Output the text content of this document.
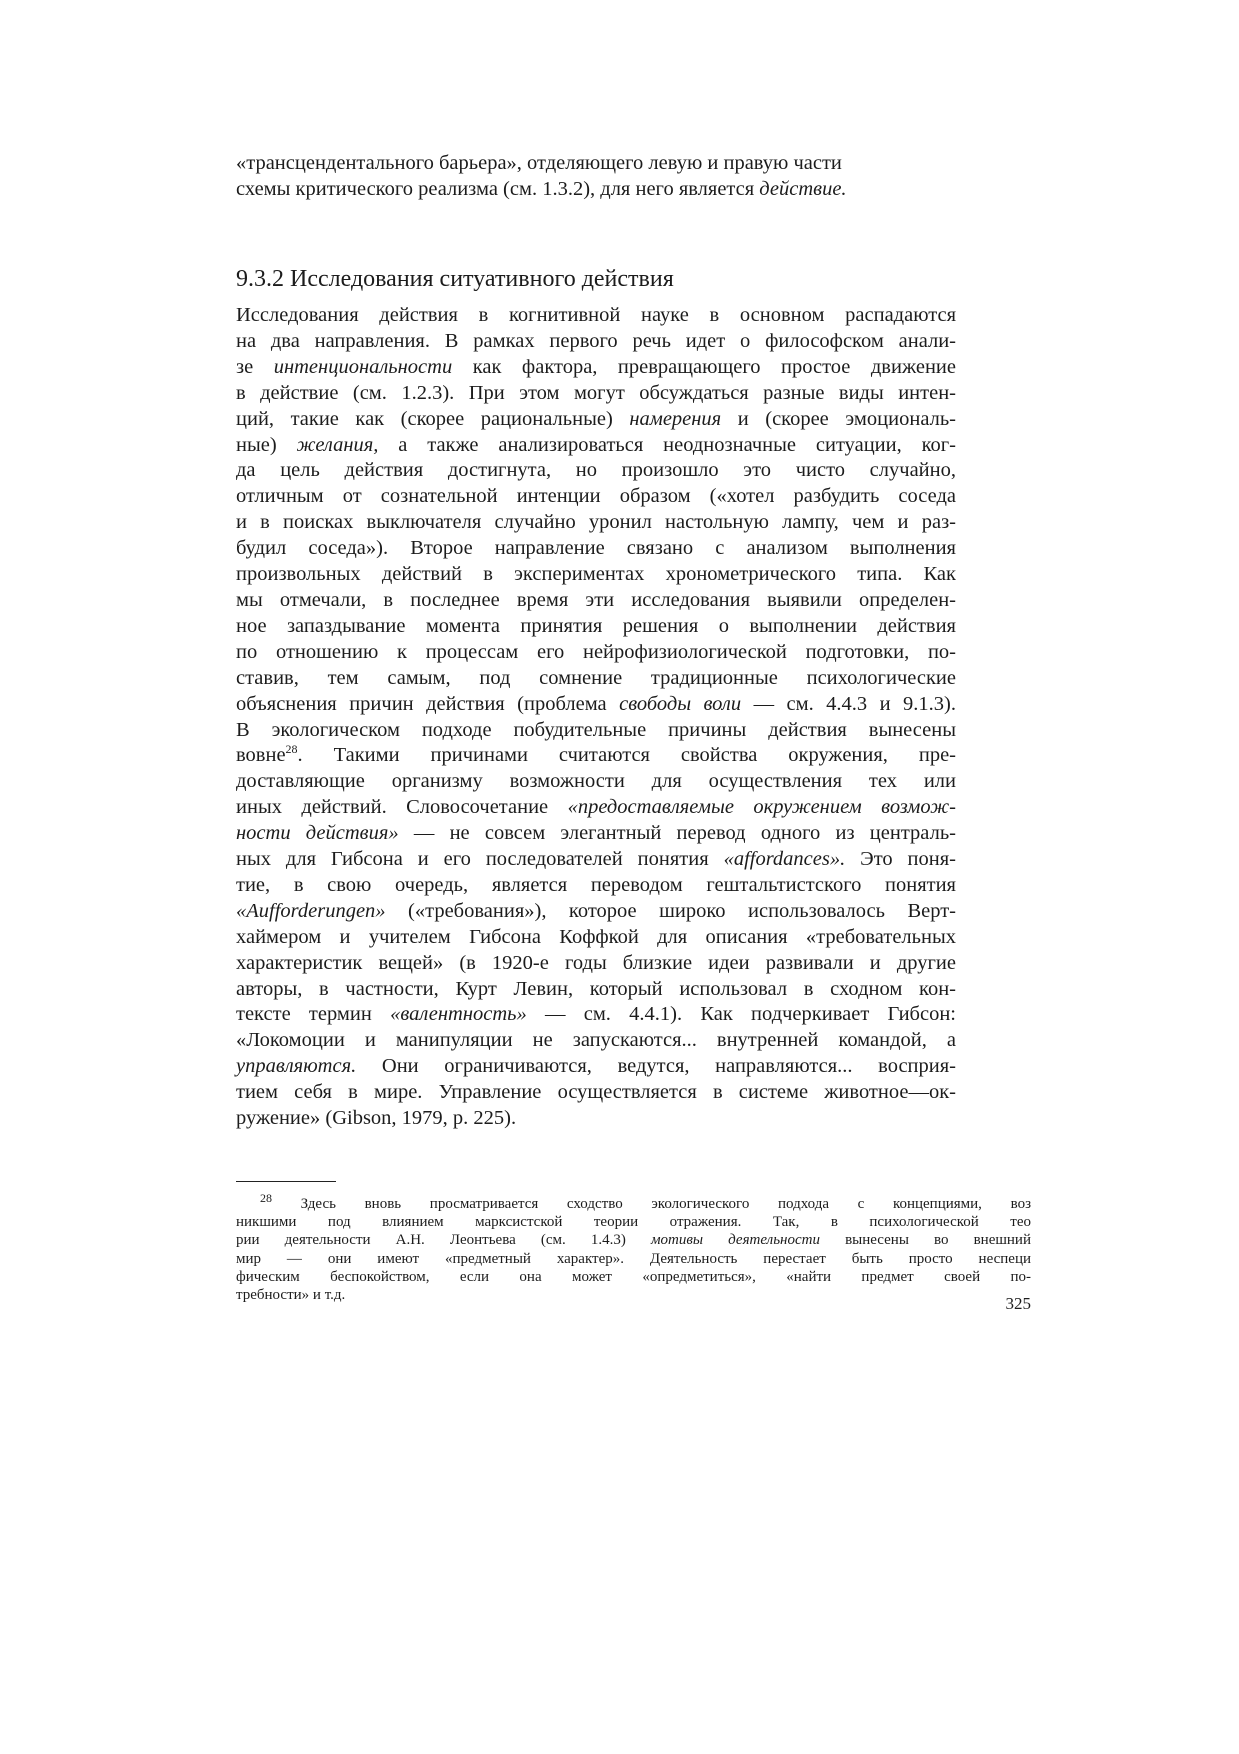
«трансцендентального барьера», отделяющего левую и правую части
схемы критического реализма (см. 1.3.2), для него является действие.
9.3.2 Исследования ситуативного действия
Исследования действия в когнитивной науке в основном распадаются
на два направления. В рамках первого речь идет о философском анали-
зе интенциональности как фактора, превращающего простое движение
в действие (см. 1.2.3). При этом могут обсуждаться разные виды интен-
ций, такие как (скорее рациональные) намерения и (скорее эмоциональ-
ные) желания, а также анализироваться неоднозначные ситуации, ког-
да цель действия достигнута, но произошло это чисто случайно,
отличным от сознательной интенции образом («хотел разбудить соседа
и в поисках выключателя случайно уронил настольную лампу, чем и раз-
будил соседа»). Второе направление связано с анализом выполнения
произвольных действий в экспериментах хронометрического типа. Как
мы отмечали, в последнее время эти исследования выявили определен-
ное запаздывание момента принятия решения о выполнении действия
по отношению к процессам его нейрофизиологической подготовки, по-
ставив, тем самым, под сомнение традиционные психологические
объяснения причин действия (проблема свободы воли — см. 4.4.3 и 9.1.3).
В экологическом подходе побудительные причины действия вынесены
вовне$^{28}$. Такими причинами считаются свойства окружения, пре-
доставляющие организму возможности для осуществления тех или
иных действий. Словосочетание «предоставляемые окружением возмож-
ности действия» — не совсем элегантный перевод одного из централь-
ных для Гибсона и его последователей понятия «affordances». Это поня-
тие, в свою очередь, является переводом гештальтистского понятия
«Aufforderungen» («требования»), которое широко использовалось Верт-
хаймером и учителем Гибсона Коффкой для описания «требовательных
характеристик вещей» (в 1920-е годы близкие идеи развивали и другие
авторы, в частности, Курт Левин, который использовал в сходном кон-
тексте термин «валентность» — см. 4.4.1). Как подчеркивает Гибсон:
«Локомоции и манипуляции не запускаются... внутренней командой, а
управляются. Они ограничиваются, ведутся, направляются... восприя-
тием себя в мире. Управление осуществляется в системе животное—ок-
ружение» (Gibson, 1979, p. 225).
$^{28}$ Здесь вновь просматривается сходство экологического подхода с концепциями, воз
никшими под влиянием марксистской теории отражения. Так, в психологической тео
рии деятельности А.Н. Леонтьева (см. 1.4.3) мотивы деятельности вынесены во внешний
мир — они имеют «предметный характер». Деятельность перестает быть просто неспеци
фическим беспокойством, если она может «опредметиться», «найти предмет своей по-
требности» и т.д.	325
